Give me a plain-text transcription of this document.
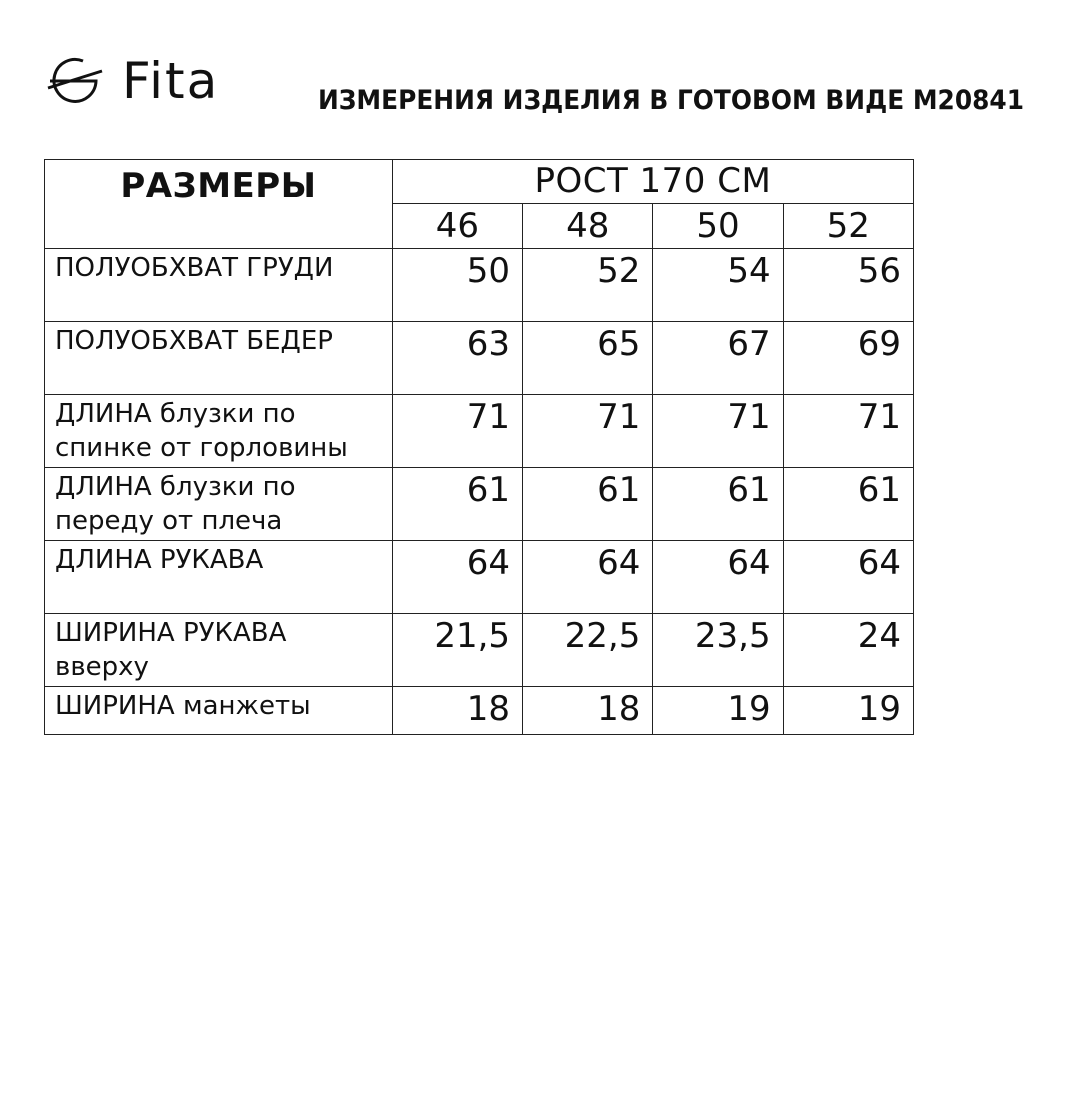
Fita	ИЗМЕРЕНИЯ ИЗДЕЛИЯ В ГОТОВОМ ВИДЕ М20841
РАЗМЕРЫ	РОСТ 170 СМ			
	46	48	50	52
ПОЛУОБХВАТ ГРУДИ	50	52	54	56
ПОЛУОБХВАТ БЕДЕР	63	65	67	69
ДЛИНА блузки по
спинке от горловины	71	71	71	71
ДЛИНА блузки по
переду от плеча	61	61	61	61
ДЛИНА РУКАВА	64	64	64	64
ШИРИНА РУКАВА
вверху	21,5	22,5	23,5	24
ШИРИНА манжеты	18	18	19	19
